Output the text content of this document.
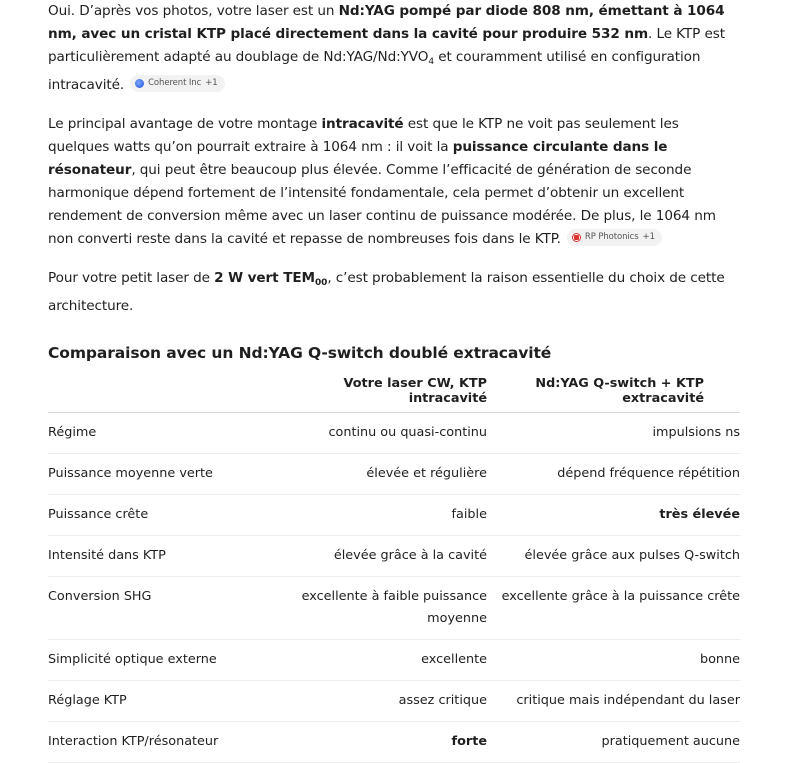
Oui. D’après vos photos, votre laser est un Nd:YAG pompé par diode 808 nm, émettant à 1064 nm, avec un cristal KTP placé directement dans la cavité pour produire 532 nm. Le KTP est particulièrement adapté au doublage de $Nd:YAG/Nd:YVO_4$ et couramment utilisé en configuration intracavité.	Coherent Inc +1

Le principal avantage de votre montage intracavité est que le KTP ne voit pas seulement les quelques watts qu’on pourrait extraire à 1064 nm : il voit la puissance circulante dans le résonateur, qui peut être beaucoup plus élevée. Comme l’efficacité de génération de seconde harmonique dépend fortement de l’intensité fondamentale, cela permet d’obtenir un excellent rendement de conversion même avec un laser continu de puissance modérée. De plus, le 1064 nm non converti reste dans la cavité et repasse de nombreuses fois dans le KTP.	RP Photonics +1

Pour votre petit laser de 2 W vert $TEM_{00}$, c’est probablement la raison essentielle du choix de cette architecture.

Comparaison avec un Nd:YAG Q-switch doublé extracavité
	Votre laser CW, KTP intracavité	Nd:YAG Q-switch + KTP extracavité
Régime	continu ou quasi-continu	impulsions ns
Puissance moyenne verte	élevée et régulière	dépend fréquence répétition
Puissance crête	faible	très élevée
Intensité dans KTP	élevée grâce à la cavité	élevée grâce aux pulses Q-switch
Conversion SHG	excellente à faible puissance moyenne	excellente grâce à la puissance crête
Simplicité optique externe	excellente	bonne
Réglage KTP	assez critique	critique mais indépendant du laser
Interaction KTP/résonateur	forte	pratiquement aucune
